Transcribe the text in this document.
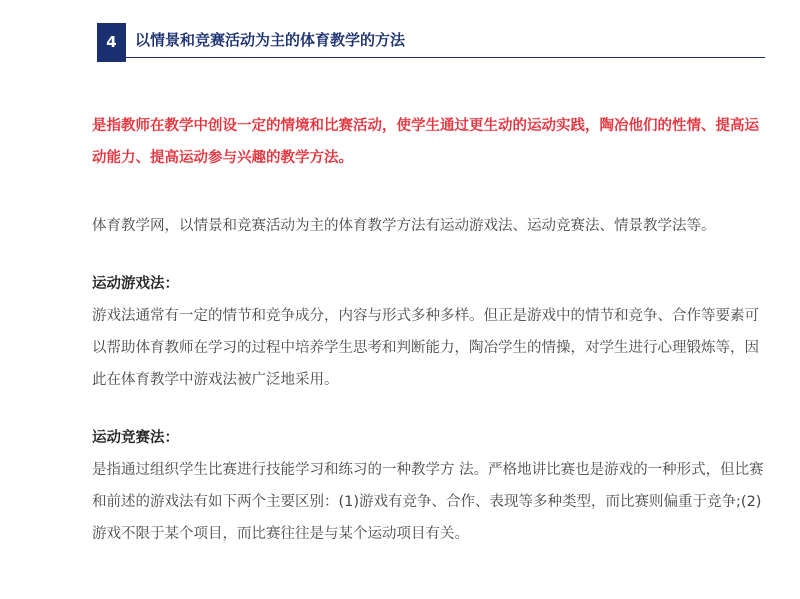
4	以情景和竞赛活动为主的体育教学的方法

是指教师在教学中创设一定的情境和比赛活动，使学生通过更生动的运动实践，陶冶他们的性情、提高运动能力、提高运动参与兴趣的教学方法。

体育教学网，以情景和竞赛活动为主的体育教学方法有运动游戏法、运动竞赛法、情景教学法等。

运动游戏法：

游戏法通常有一定的情节和竞争成分，内容与形式多种多样。但正是游戏中的情节和竞争、合作等要素可以帮助体育教师在学习的过程中培养学生思考和判断能力，陶冶学生的情操，对学生进行心理锻炼等，因此在体育教学中游戏法被广泛地采用。

运动竞赛法：

是指通过组织学生比赛进行技能学习和练习的一种教学方 法。严格地讲比赛也是游戏的一种形式，但比赛和前述的游戏法有如下两个主要区别：(1)游戏有竞争、合作、表现等多种类型，而比赛则偏重于竞争;(2)游戏不限于某个项目，而比赛往往是与某个运动项目有关。
